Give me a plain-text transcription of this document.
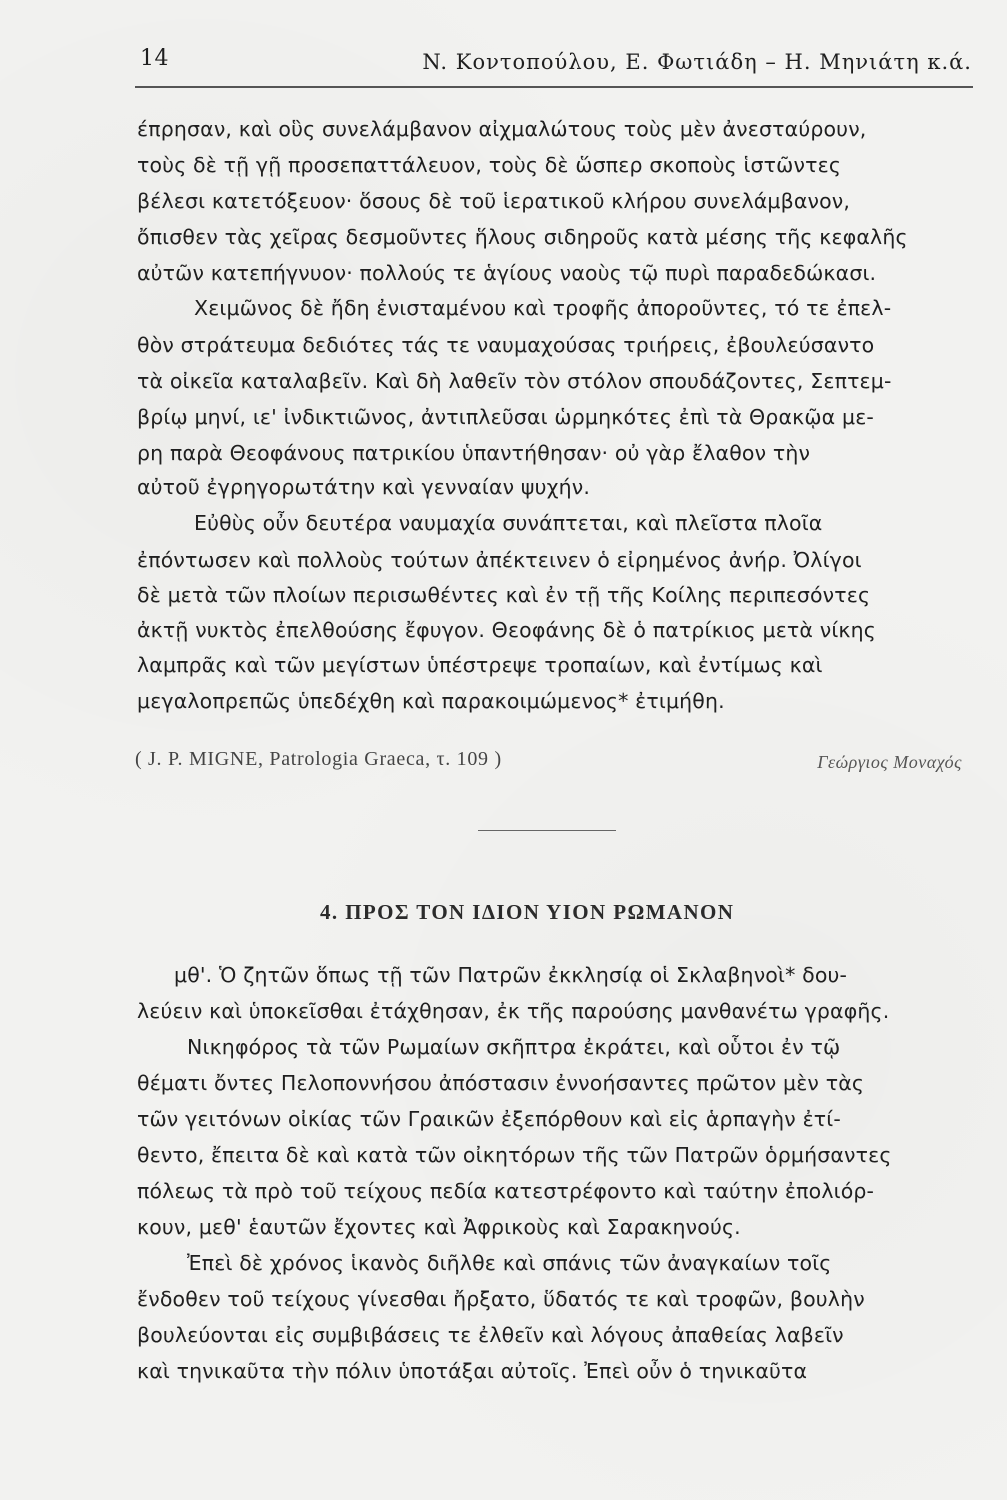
14	N. Κοντοπούλου, Ε. Φωτιάδη – Η. Μηνιάτη κ.ά.
έπρησαν, καὶ οὓς συνελάμβανον αἰχμαλώτους τοὺς μὲν ἀνεσταύρουν,
τοὺς δὲ τῇ γῇ προσεπαττάλευον, τοὺς δὲ ὥσπερ σκοποὺς ἱστῶντες
βέλεσι κατετόξευον· ὅσους δὲ τοῦ ἱερατικοῦ κλήρου συνελάμβανον,
ὄπισθεν τὰς χεῖρας δεσμοῦντες ἥλους σιδηροῦς κατὰ μέσης τῆς κεφαλῆς
αὐτῶν κατεπήγνυον· πολλούς τε ἁγίους ναοὺς τῷ πυρὶ παραδεδώκασι.
Χειμῶνος δὲ ἤδη ἐνισταμένου καὶ τροφῆς ἀποροῦντες, τό τε ἐπελ-
θὸν στράτευμα δεδιότες τάς τε ναυμαχούσας τριήρεις, ἐβουλεύσαντο
τὰ οἰκεῖα καταλαβεῖν. Καὶ δὴ λαθεῖν τὸν στόλον σπουδάζοντες, Σεπτεμ-
βρίῳ μηνί, ιε' ἰνδικτιῶνος, ἀντιπλεῦσαι ὡρμηκότες ἐπὶ τὰ Θρακῷα με-
ρη παρὰ Θεοφάνους πατρικίου ὑπαντήθησαν· οὐ γὰρ ἔλαθον τὴν
αὐτοῦ ἐγρηγορωτάτην καὶ γενναίαν ψυχήν.
Εὐθὺς οὖν δευτέρα ναυμαχία συνάπτεται, καὶ πλεῖστα πλοῖα
ἐπόντωσεν καὶ πολλοὺς τούτων ἀπέκτεινεν ὁ εἰρημένος ἀνήρ. Ὀλίγοι
δὲ μετὰ τῶν πλοίων περισωθέντες καὶ ἐν τῇ τῆς Κοίλης περιπεσόντες
ἀκτῇ νυκτὸς ἐπελθούσης ἔφυγον. Θεοφάνης δὲ ὁ πατρίκιος μετὰ νίκης
λαμπρᾶς καὶ τῶν μεγίστων ὑπέστρεψε τροπαίων, καὶ ἐντίμως καὶ
μεγαλοπρεπῶς ὑπεδέχθη καὶ παρακοιμώμενος* ἐτιμήθη.
( J. P. MIGNE, Patrologia Graeca, τ. 109 )	Γεώργιος Μοναχός
4. ΠΡΟΣ ΤΟΝ ΙΔΙΟΝ ΥΙΟΝ ΡΩΜΑΝΟΝ
μθ'. Ὁ ζητῶν ὅπως τῇ τῶν Πατρῶν ἐκκλησίᾳ οἱ Σκλαβηνοὶ* δου-
λεύειν καὶ ὑποκεῖσθαι ἐτάχθησαν, ἐκ τῆς παρούσης μανθανέτω γραφῆς.
Νικηφόρος τὰ τῶν Ρωμαίων σκῆπτρα ἐκράτει, καὶ οὗτοι ἐν τῷ
θέματι ὄντες Πελοποννήσου ἀπόστασιν ἐννοήσαντες πρῶτον μὲν τὰς
τῶν γειτόνων οἰκίας τῶν Γραικῶν ἐξεπόρθουν καὶ εἰς ἁρπαγὴν ἐτί-
θεντο, ἔπειτα δὲ καὶ κατὰ τῶν οἰκητόρων τῆς τῶν Πατρῶν ὁρμήσαντες
πόλεως τὰ πρὸ τοῦ τείχους πεδία κατεστρέφοντο καὶ ταύτην ἐπολιόρ-
κουν, μεθ' ἑαυτῶν ἔχοντες καὶ Ἀφρικοὺς καὶ Σαρακηνούς.
Ἐπεὶ δὲ χρόνος ἱκανὸς διῆλθε καὶ σπάνις τῶν ἀναγκαίων τοῖς
ἔνδοθεν τοῦ τείχους γίνεσθαι ἤρξατο, ὕδατός τε καὶ τροφῶν, βουλὴν
βουλεύονται εἰς συμβιβάσεις τε ἐλθεῖν καὶ λόγους ἀπαθείας λαβεῖν
καὶ τηνικαῦτα τὴν πόλιν ὑποτάξαι αὐτοῖς. Ἐπεὶ οὖν ὁ τηνικαῦτα
